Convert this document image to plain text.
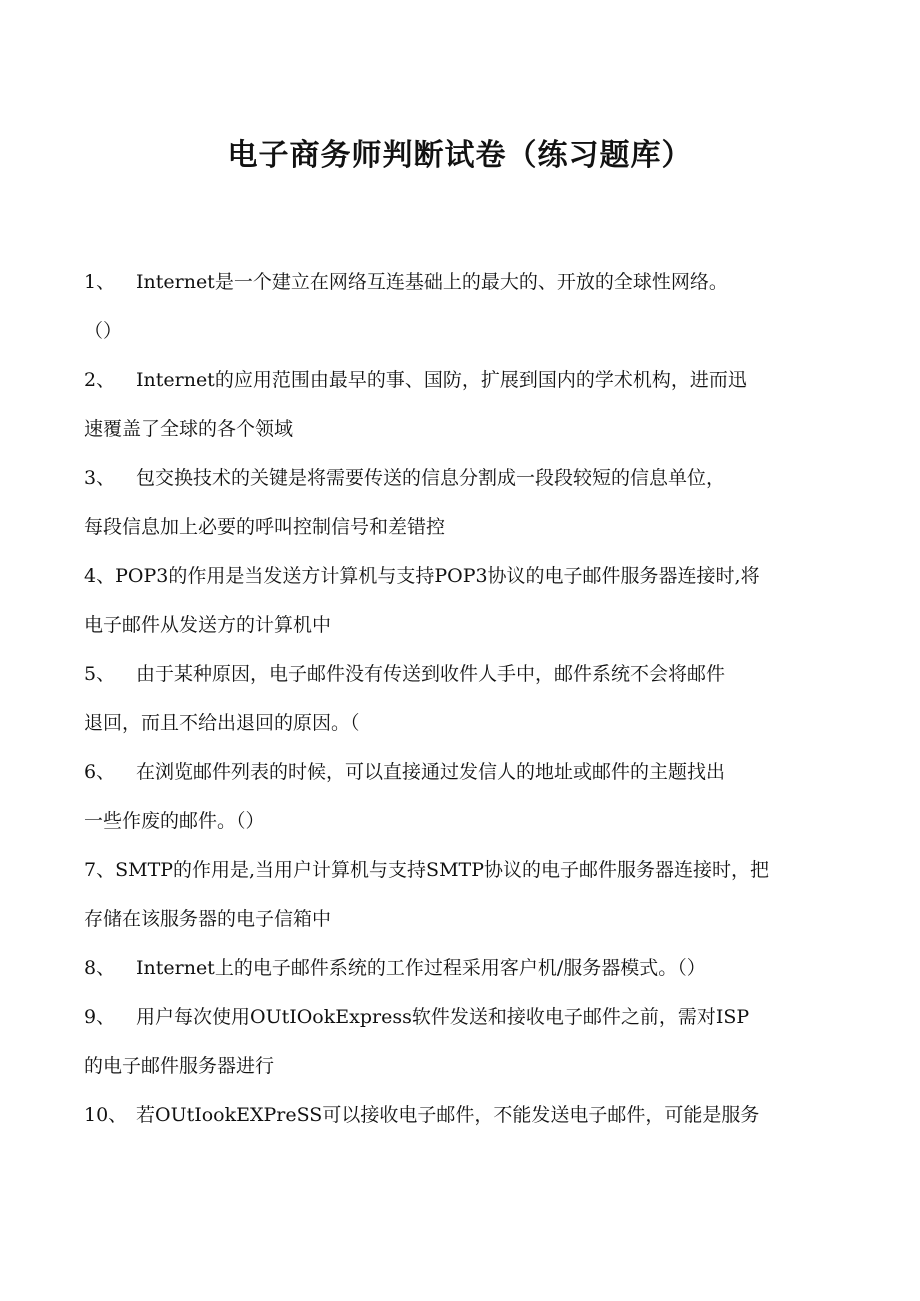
电子商务师判断试卷（练习题库）
1、 Internet是一个建立在网络互连基础上的最大的、开放的全球性网络。
（）
2、 Internet的应用范围由最早的事、国防，扩展到国内的学术机构，进而迅
速覆盖了全球的各个领域
3、 包交换技术的关键是将需要传送的信息分割成一段段较短的信息单位，
每段信息加上必要的呼叫控制信号和差错控
4、POP3的作用是当发送方计算机与支持POP3协议的电子邮件服务器连接时,将
电子邮件从发送方的计算机中
5、 由于某种原因，电子邮件没有传送到收件人手中，邮件系统不会将邮件
退回，而且不给出退回的原因。（
6、 在浏览邮件列表的时候，可以直接通过发信人的地址或邮件的主题找出
一些作废的邮件。（）
7、SMTP的作用是,当用户计算机与支持SMTP协议的电子邮件服务器连接时，把
存储在该服务器的电子信箱中
8、 Internet上的电子邮件系统的工作过程采用客户机/服务器模式。（）
9、 用户每次使用OUtIOokExpress软件发送和接收电子邮件之前，需对ISP
的电子邮件服务器进行
10、 若OUtIookEXPreSS可以接收电子邮件，不能发送电子邮件，可能是服务
